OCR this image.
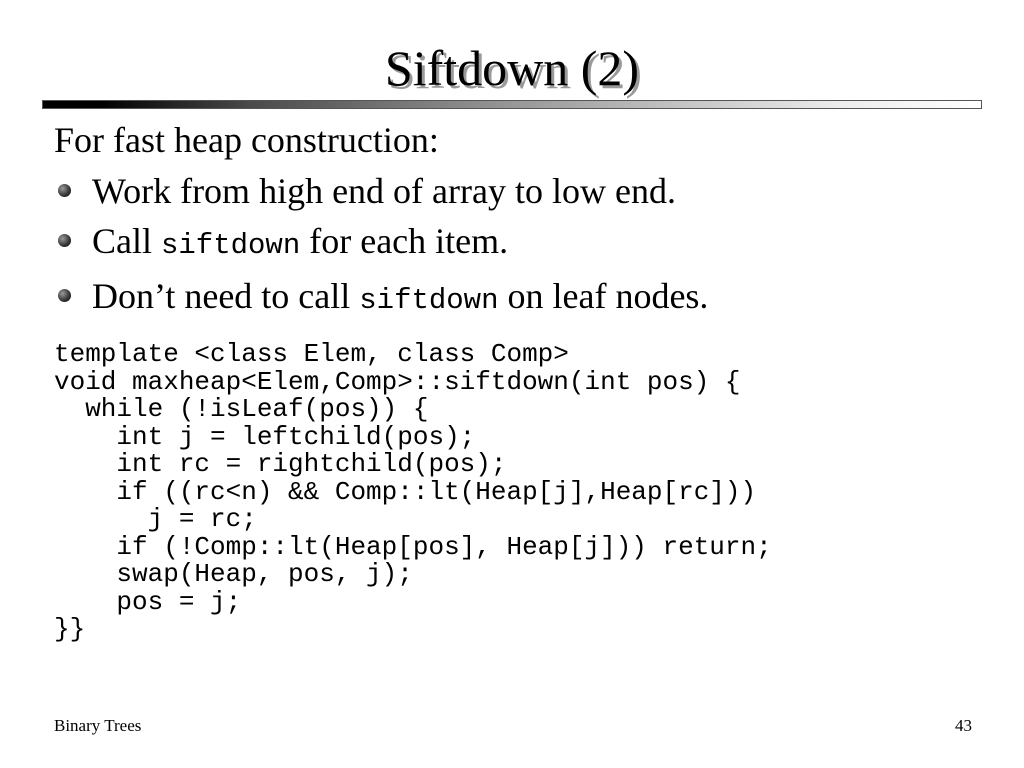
Siftdown (2)
For fast heap construction:
Work from high end of array to low end.
Call siftdown for each item.
Don’t need to call siftdown on leaf nodes.
template <class Elem, class Comp>
void maxheap<Elem,Comp>::siftdown(int pos) {
while (!isLeaf(pos)) {
int j = leftchild(pos);
int rc = rightchild(pos);
if ((rc<n) && Comp::lt(Heap[j],Heap[rc]))
j = rc;
if (!Comp::lt(Heap[pos], Heap[j])) return;
swap(Heap, pos, j);
pos = j;
}}
Binary Trees	43
